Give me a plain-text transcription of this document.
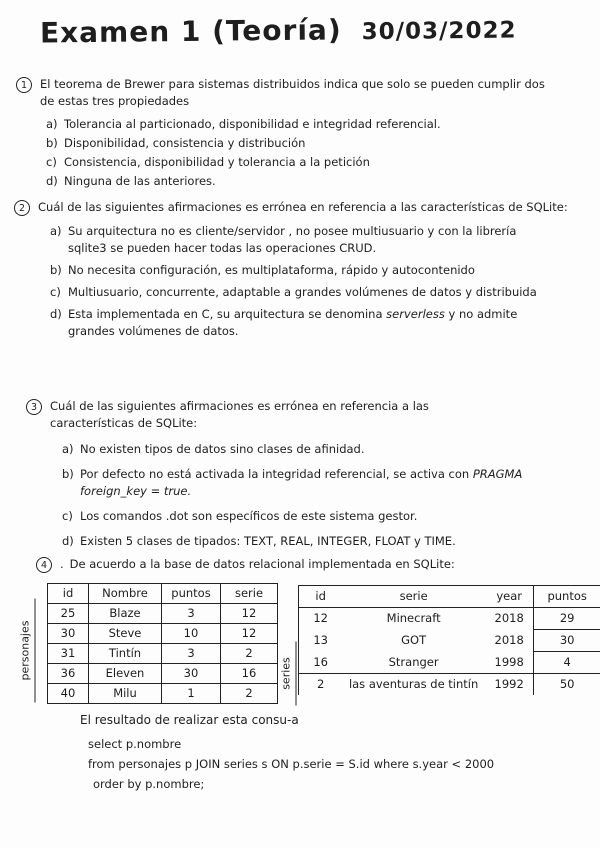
Examen 1 (Teoría) 30/03/2022
1	El teorema de Brewer para sistemas distribuidos indica que solo se pueden cumplir dos de estas tres propiedades

a) Tolerancia al particionado, disponibilidad e integridad referencial.
b) Disponibilidad, consistencia y distribución
c) Consistencia, disponibilidad y tolerancia a la petición
d) Ninguna de las anteriores.
2	Cuál de las siguientes afirmaciones es errónea en referencia a las características de SQLite:

a) Su arquitectura no es cliente/servidor , no posee multiusuario y con la librería sqlite3 se pueden hacer todas las operaciones CRUD.
b) No necesita configuración, es multiplataforma, rápido y autocontenido
c) Multiusuario, concurrente, adaptable a grandes volúmenes de datos y distribuida
d) Esta implementada en C, su arquitectura se denomina serverless y no admite grandes volúmenes de datos.
3	Cuál de las siguientes afirmaciones es errónea en referencia a las características de SQLite:

a) No existen tipos de datos sino clases de afinidad.
b) Por defecto no está activada la integridad referencial, se activa con PRAGMA foreign_key = true.
c) Los comandos .dot son específicos de este sistema gestor.
d) Existen 5 clases de tipados: TEXT, REAL, INTEGER, FLOAT y TIME.
4	. De acuerdo a la base de datos relacional implementada en SQLite:

personajes
id	Nombre	puntos	serie
25	Blaze	3	12
30	Steve	10	12
31	Tintín	3	2
36	Eleven	30	16
40	Milu	1	2
series
id	serie	year	puntos
12	Minecraft	2018	29
13	GOT	2018	30
16	Stranger	1998	4
2	las aventuras de tintín	1992	50
El resultado de realizar esta consu-a
select p.nombre
from personajes p JOIN series s ON p.serie = S.id where s.year < 2000
order by p.nombre;
